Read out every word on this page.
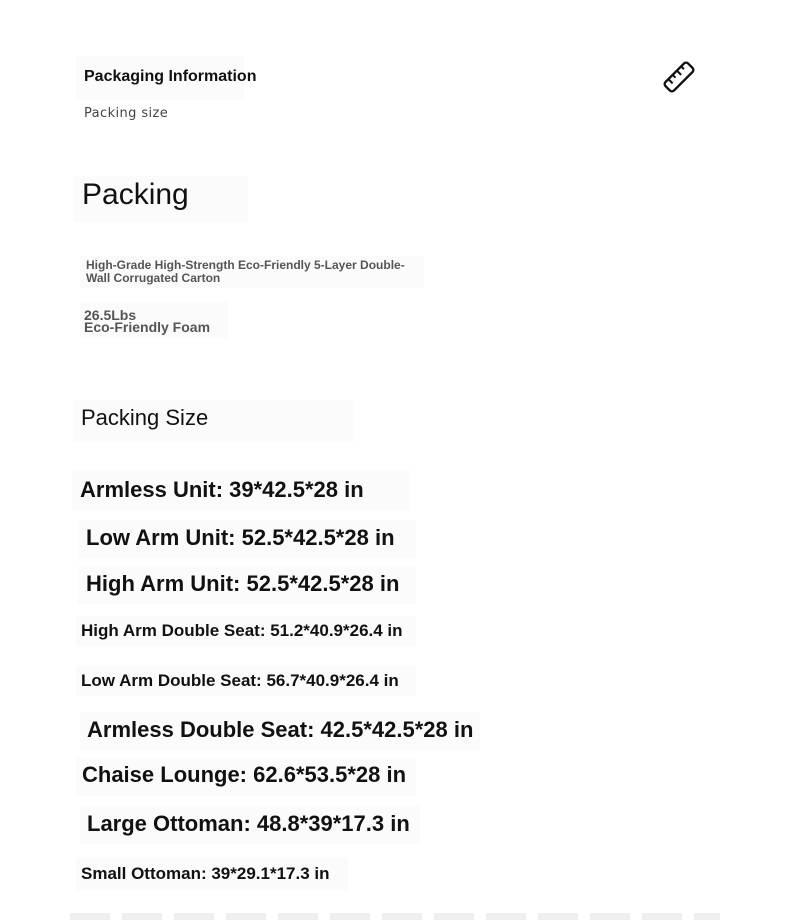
Packaging Information
Packing size
Packing
High-Grade High-Strength Eco-Friendly 5-Layer Double-Wall Corrugated Carton
26.5Lbs
Eco-Friendly Foam
Packing Size
Armless Unit: 39*42.5*28 in
Low Arm Unit: 52.5*42.5*28 in
High Arm Unit: 52.5*42.5*28 in
High Arm Double Seat: 51.2*40.9*26.4 in
Low Arm Double Seat: 56.7*40.9*26.4 in
Armless Double Seat: 42.5*42.5*28 in
Chaise Lounge: 62.6*53.5*28 in
Large Ottoman: 48.8*39*17.3 in
Small Ottoman: 39*29.1*17.3 in
